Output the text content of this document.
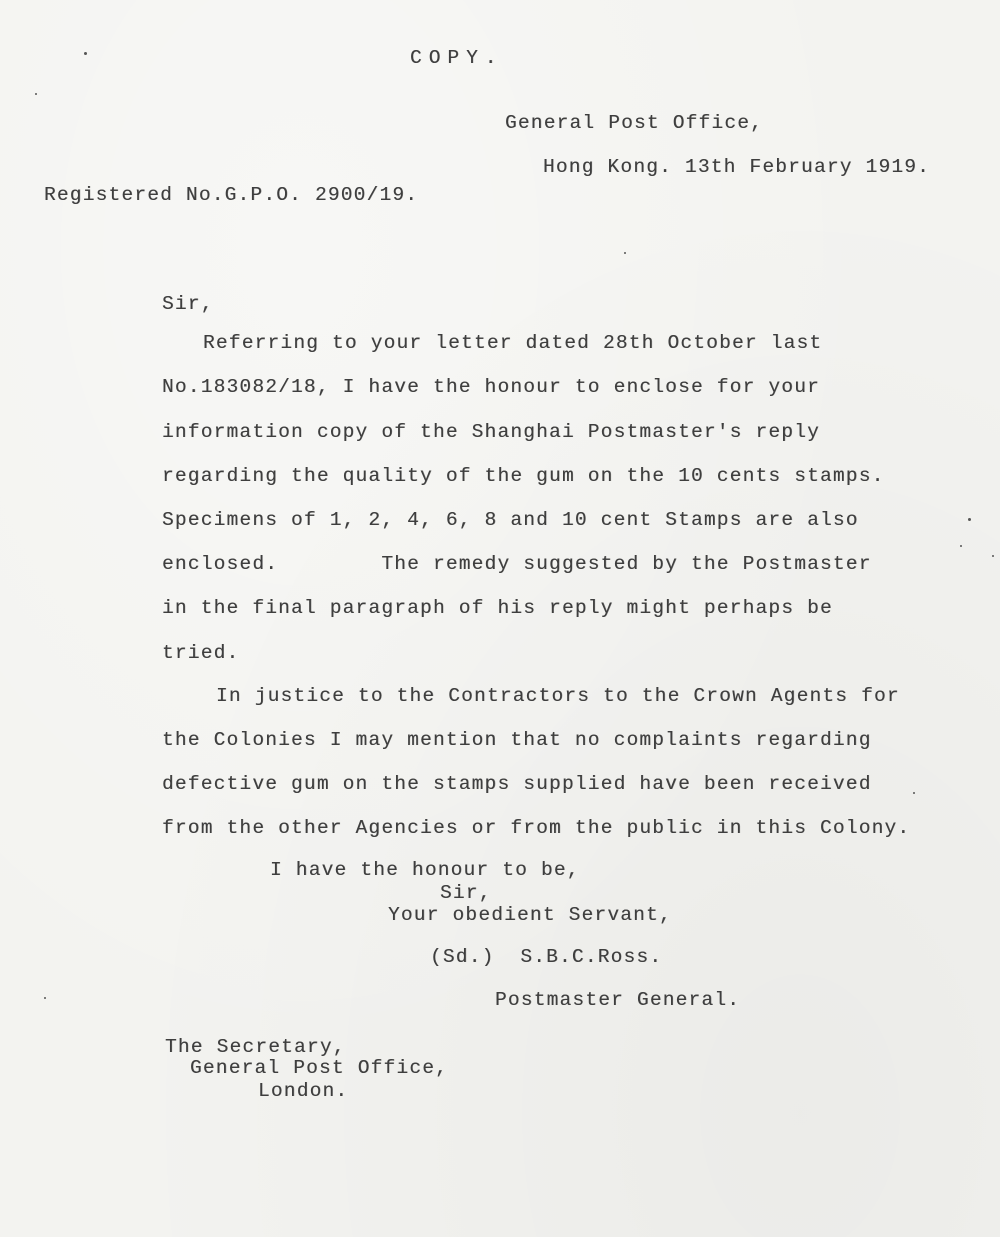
COPY.
General Post Office,
Hong Kong. 13th February 1919.
Registered No.G.P.O. 2900/19.
Sir,
Referring to your letter dated 28th October last
No.183082/18, I have the honour to enclose for your
information copy of the Shanghai Postmaster's reply
regarding the quality of the gum on the 10 cents stamps.
Specimens of 1, 2, 4, 6, 8 and 10 cent Stamps are also
enclosed.        The remedy suggested by the Postmaster
in the final paragraph of his reply might perhaps be
tried.
In justice to the Contractors to the Crown Agents for
the Colonies I may mention that no complaints regarding
defective gum on the stamps supplied have been received
from the other Agencies or from the public in this Colony.
I have the honour to be,
Sir,
Your obedient Servant,
(Sd.)  S.B.C.Ross.
Postmaster General.
The Secretary,
General Post Office,
London.
